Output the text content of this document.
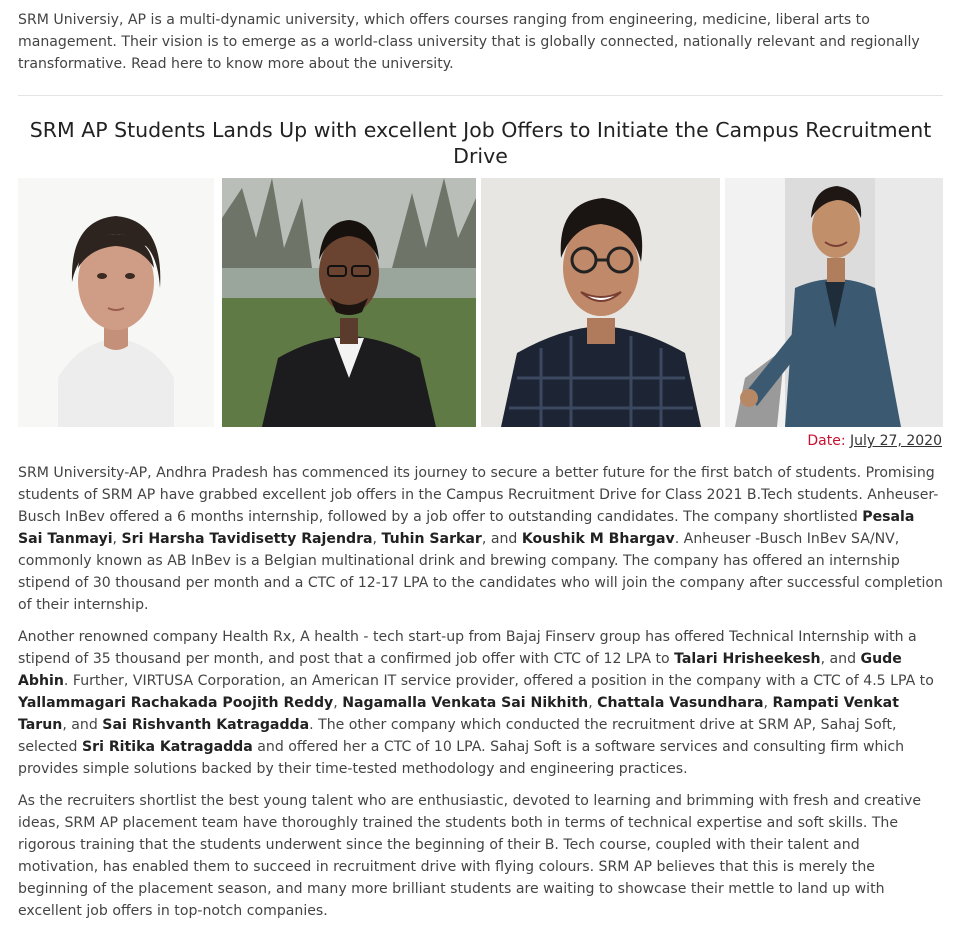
SRM Universiy, AP is a multi-dynamic university, which offers courses ranging from engineering, medicine, liberal arts to management. Their vision is to emerge as a world-class university that is globally connected, nationally relevant and regionally transformative. Read here to know more about the university.

SRM AP Students Lands Up with excellent Job Offers to Initiate the Campus Recruitment Drive
Date: July 27, 2020

SRM University-AP, Andhra Pradesh has commenced its journey to secure a better future for the first batch of students. Promising students of SRM AP have grabbed excellent job offers in the Campus Recruitment Drive for Class 2021 B.Tech students. Anheuser-Busch InBev offered a 6 months internship, followed by a job offer to outstanding candidates. The company shortlisted Pesala Sai Tanmayi, Sri Harsha Tavidisetty Rajendra, Tuhin Sarkar, and Koushik M Bhargav. Anheuser -Busch InBev SA/NV, commonly known as AB InBev is a Belgian multinational drink and brewing company. The company has offered an internship stipend of 30 thousand per month and a CTC of 12-17 LPA to the candidates who will join the company after successful completion of their internship.

Another renowned company Health Rx, A health - tech start-up from Bajaj Finserv group has offered Technical Internship with a stipend of 35 thousand per month, and post that a confirmed job offer with CTC of 12 LPA to Talari Hrisheekesh, and Gude Abhin. Further, VIRTUSA Corporation, an American IT service provider, offered a position in the company with a CTC of 4.5 LPA to Yallammagari Rachakada Poojith Reddy, Nagamalla Venkata Sai Nikhith, Chattala Vasundhara, Rampati Venkat Tarun, and Sai Rishvanth Katragadda. The other company which conducted the recruitment drive at SRM AP, Sahaj Soft, selected Sri Ritika Katragadda and offered her a CTC of 10 LPA. Sahaj Soft is a software services and consulting firm which provides simple solutions backed by their time-tested methodology and engineering practices.

As the recruiters shortlist the best young talent who are enthusiastic, devoted to learning and brimming with fresh and creative ideas, SRM AP placement team have thoroughly trained the students both in terms of technical expertise and soft skills. The rigorous training that the students underwent since the beginning of their B. Tech course, coupled with their talent and motivation, has enabled them to succeed in recruitment drive with flying colours. SRM AP believes that this is merely the beginning of the placement season, and many more brilliant students are waiting to showcase their mettle to land up with excellent job offers in top-notch companies.
